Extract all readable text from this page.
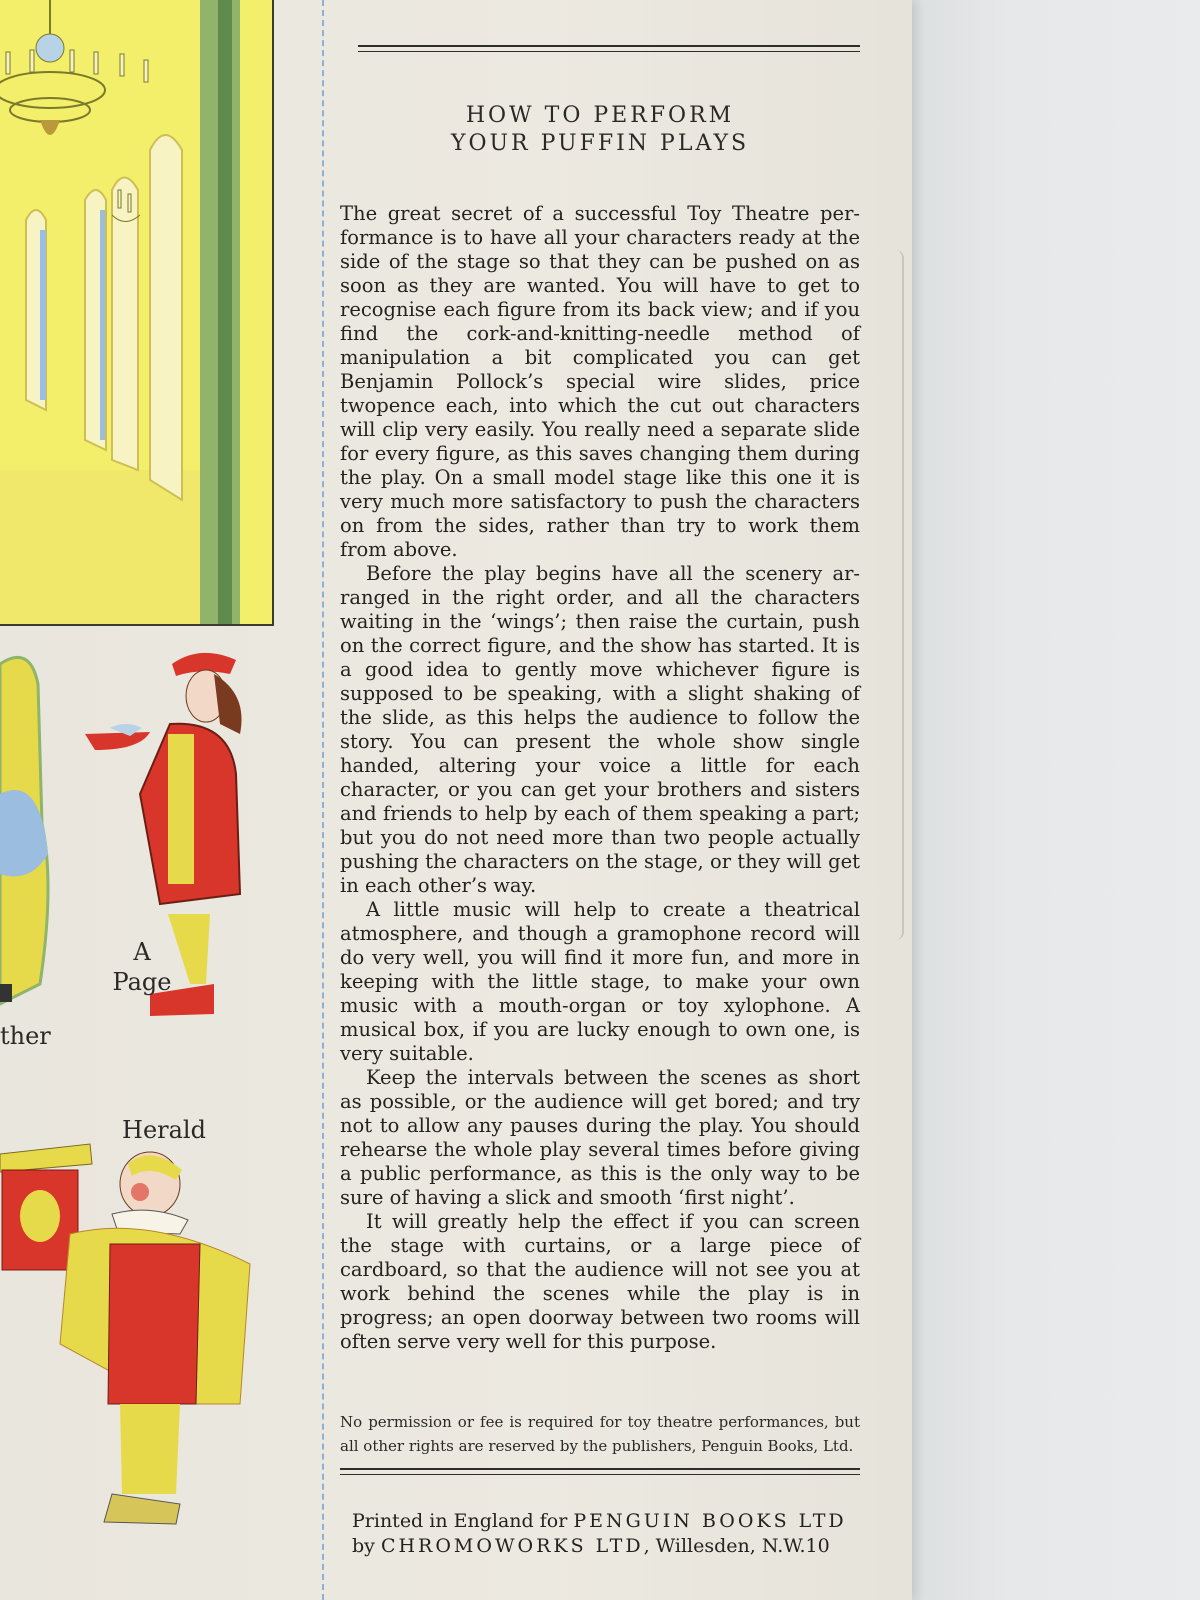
A
Page
ther
Herald
HOW TO PERFORM
YOUR PUFFIN PLAYS

The great secret of a successful Toy Theatre performance is to have all your characters ready at the side of the stage so that they can be pushed on as soon as they are wanted. You will have to get to recognise each figure from its back view; and if you find the cork-and-knitting-needle method of manipulation a bit complicated you can get Benjamin Pollock’s special wire slides, price twopence each, into which the cut out characters will clip very easily. You really need a separate slide for every figure, as this saves changing them during the play. On a small model stage like this one it is very much more satisfactory to push the characters on from the sides, rather than try to work them from above.

Before the play begins have all the scenery arranged in the right order, and all the characters waiting in the ‘wings’; then raise the curtain, push on the correct figure, and the show has started. It is a good idea to gently move whichever figure is supposed to be speaking, with a slight shaking of the slide, as this helps the audience to follow the story. You can present the whole show single handed, altering your voice a little for each character, or you can get your brothers and sisters and friends to help by each of them speaking a part; but you do not need more than two people actually pushing the characters on the stage, or they will get in each other’s way.

A little music will help to create a theatrical atmosphere, and though a gramophone record will do very well, you will find it more fun, and more in keeping with the little stage, to make your own music with a mouth-organ or toy xylophone. A musical box, if you are lucky enough to own one, is very suitable.

Keep the intervals between the scenes as short as possible, or the audience will get bored; and try not to allow any pauses during the play. You should rehearse the whole play several times before giving a public performance, as this is the only way to be sure of having a slick and smooth ‘first night’.

It will greatly help the effect if you can screen the stage with curtains, or a large piece of cardboard, so that the audience will not see you at work behind the scenes while the play is in progress; an open doorway between two rooms will often serve very well for this purpose.

No permission or fee is required for toy theatre performances, but all other rights are reserved by the publishers, Penguin Books, Ltd.
Printed in England for PENGUIN BOOKS LTD
by CHROMOWORKS LTD, Willesden, N.W.10
